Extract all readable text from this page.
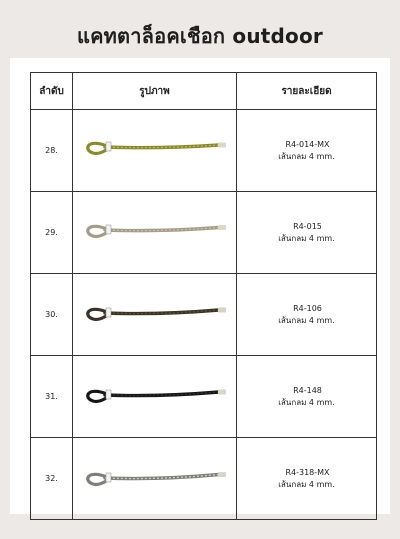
แคทตาล็อคเชือก outdoor
ลำดับ	รูปภาพ	รายละเอียด
28.		R4-014-MX
เส้นกลม 4 mm.

29.		R4-015
เส้นกลม 4 mm.

30.		R4-106
เส้นกลม 4 mm.

31.		R4-148
เส้นกลม 4 mm.

32.		R4-318-MX
เส้นกลม 4 mm.
